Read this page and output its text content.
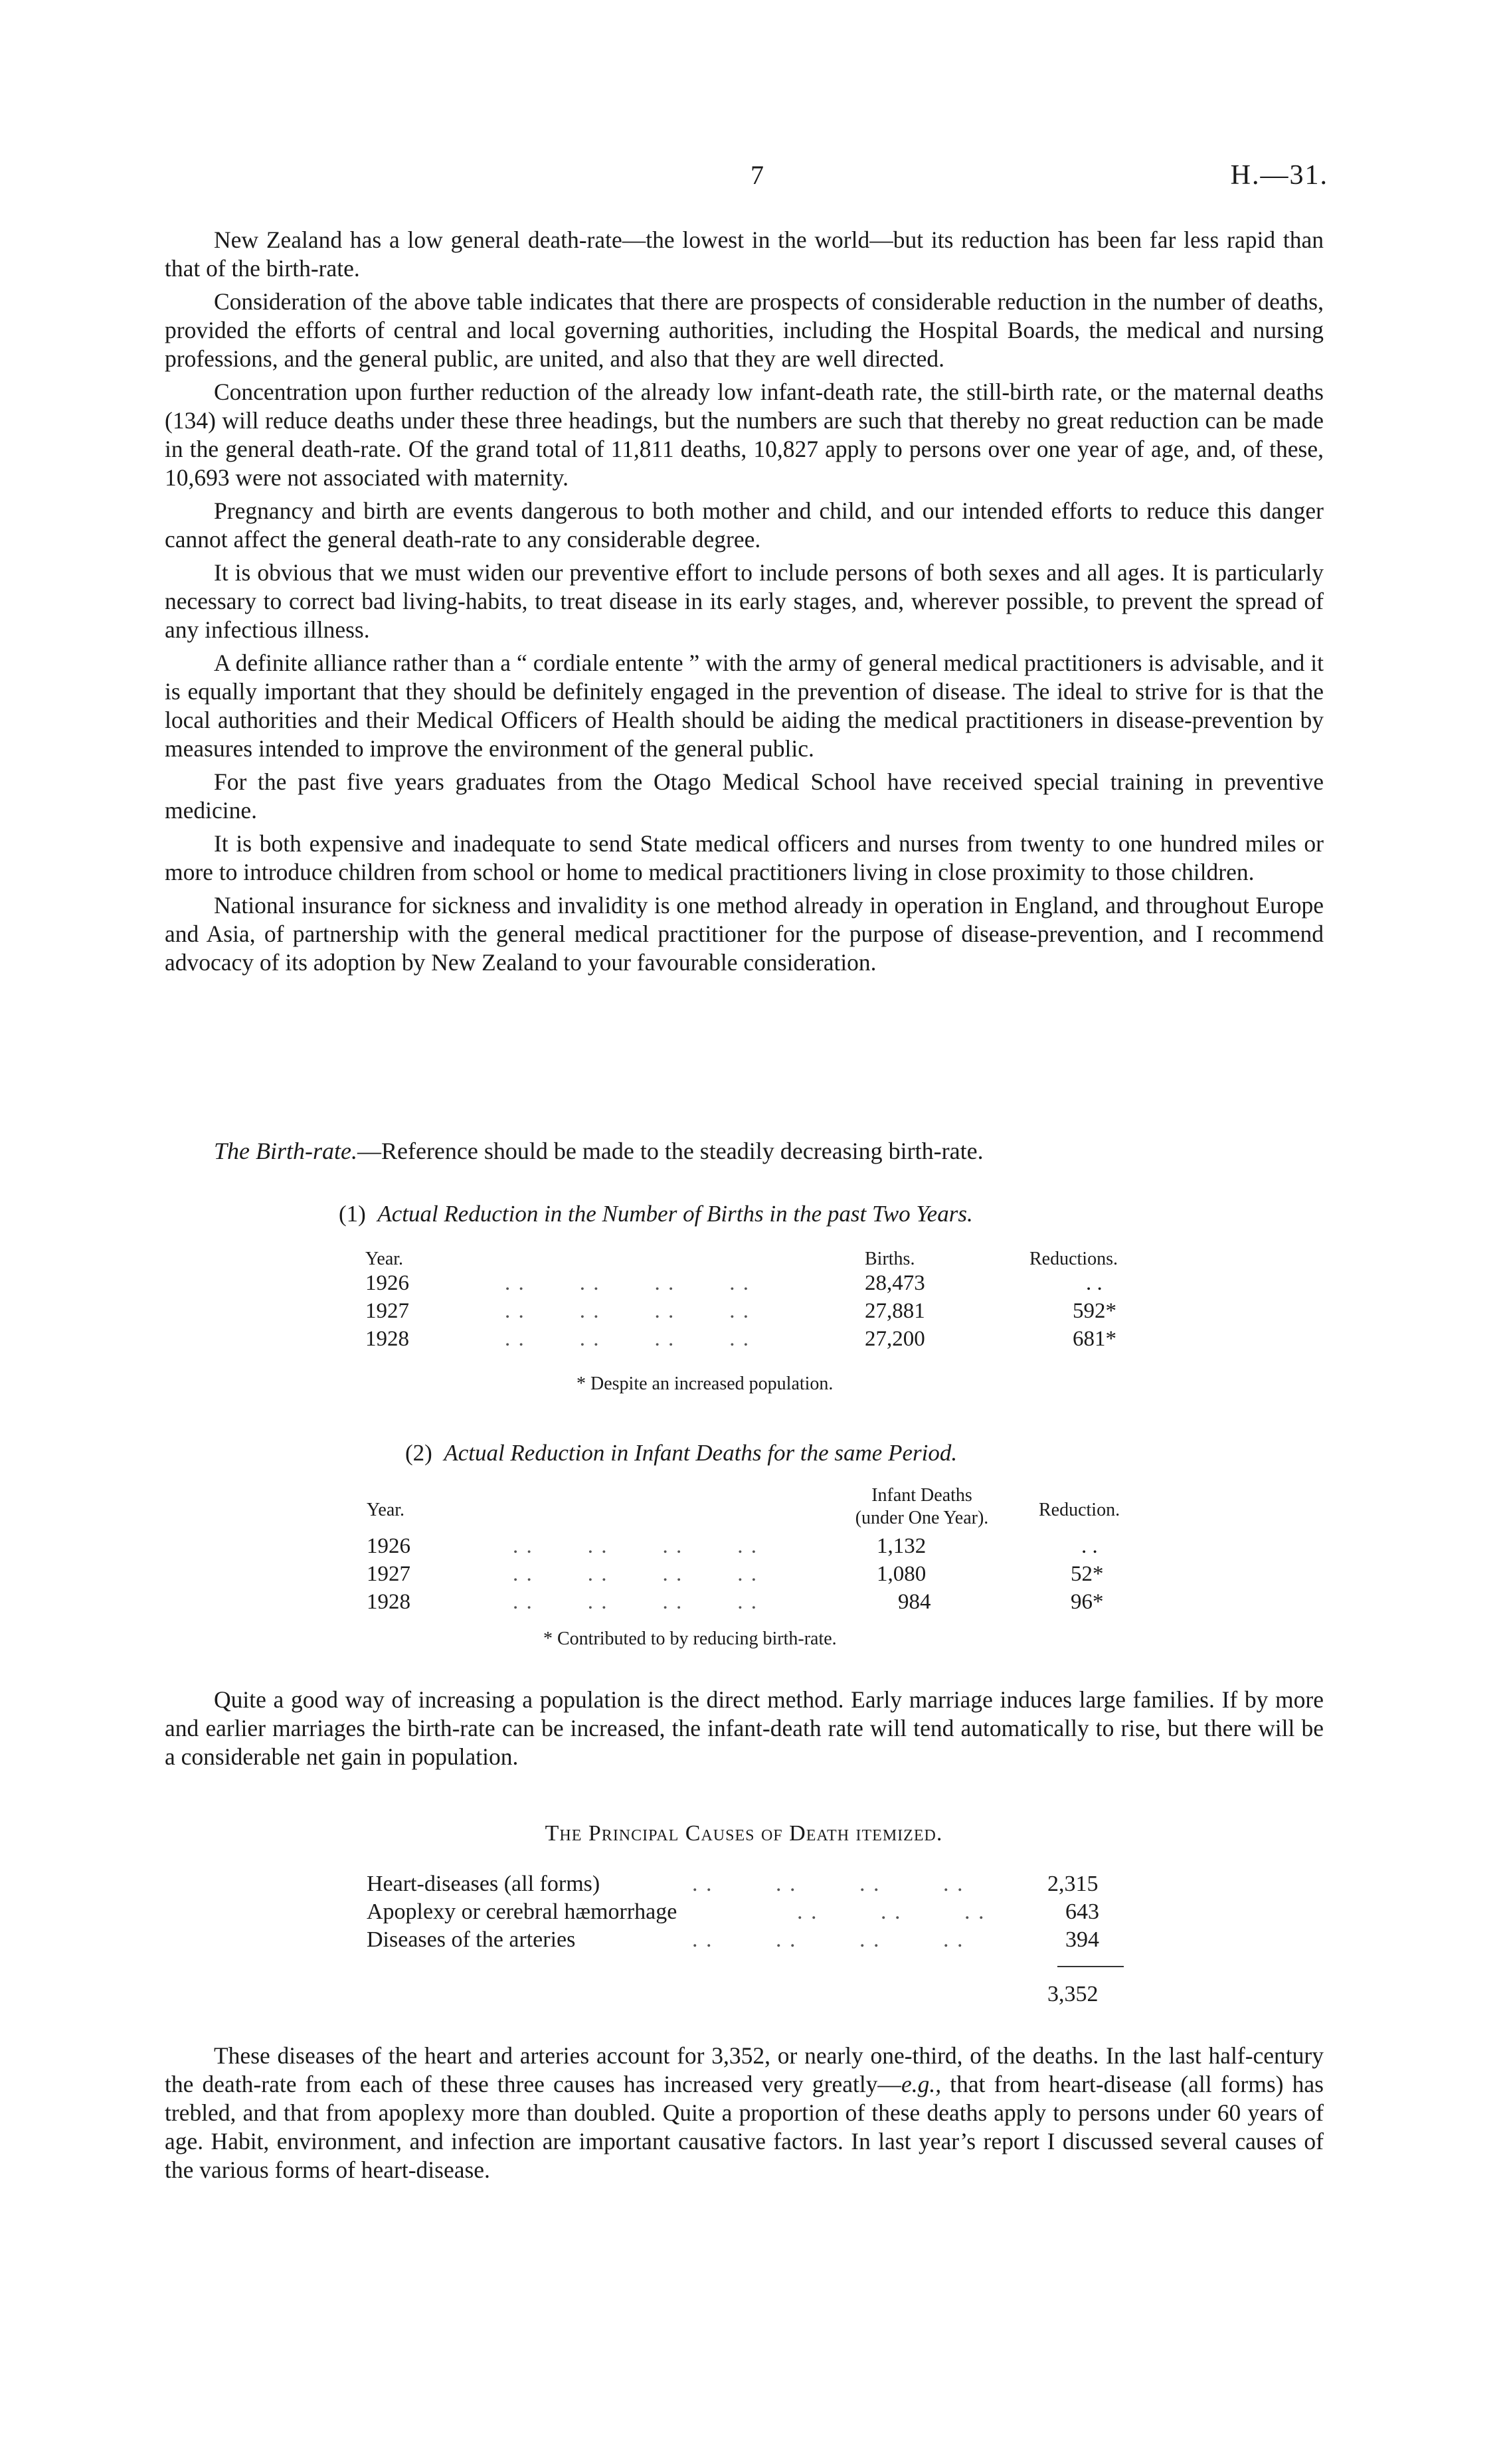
7	H.—31.

New Zealand has a low general death-rate—the lowest in the world—but its reduction has been far less rapid than that of the birth-rate.

Consideration of the above table indicates that there are prospects of considerable reduction in the number of deaths, provided the efforts of central and local governing authorities, including the Hospital Boards, the medical and nursing professions, and the general public, are united, and also that they are well directed.

Concentration upon further reduction of the already low infant-death rate, the still-birth rate, or the maternal deaths (134) will reduce deaths under these three headings, but the numbers are such that thereby no great reduction can be made in the general death-rate. Of the grand total of 11,811 deaths, 10,827 apply to persons over one year of age, and, of these, 10,693 were not associated with maternity.

Pregnancy and birth are events dangerous to both mother and child, and our intended efforts to reduce this danger cannot affect the general death-rate to any considerable degree.

It is obvious that we must widen our preventive effort to include persons of both sexes and all ages. It is particularly necessary to correct bad living-habits, to treat disease in its early stages, and, wherever possible, to prevent the spread of any infectious illness.

A definite alliance rather than a “ cordiale entente ” with the army of general medical practitioners is advisable, and it is equally important that they should be definitely engaged in the prevention of disease. The ideal to strive for is that the local authorities and their Medical Officers of Health should be aiding the medical practitioners in disease-prevention by measures intended to improve the environment of the general public.

For the past five years graduates from the Otago Medical School have received special training in preventive medicine.

It is both expensive and inadequate to send State medical officers and nurses from twenty to one hundred miles or more to introduce children from school or home to medical practitioners living in close proximity to those children.

National insurance for sickness and invalidity is one method already in operation in England, and throughout Europe and Asia, of partnership with the general medical practitioner for the purpose of disease-prevention, and I recommend advocacy of its adoption by New Zealand to your favourable consideration.

The Birth-rate.—Reference should be made to the steadily decreasing birth-rate.
(1) Actual Reduction in the Number of Births in the past Two Years.
Year.	Births.	Reductions.
1926	. .        . .        . .        . .	28,473	. .
1927	. .        . .        . .        . .	27,881	592*
1928	. .        . .        . .        . .	27,200	681*
* Despite an increased population.
(2) Actual Reduction in Infant Deaths for the same Period.
Year.
Infant Deaths
(under One Year).	Reduction.
1926	. .        . .        . .        . .	1,132	. .
1927	. .        . .        . .        . .	1,080	52*
1928	. .        . .        . .        . .	984	96*
* Contributed to by reducing birth-rate.

Quite a good way of increasing a population is the direct method. Early marriage induces large families. If by more and earlier marriages the birth-rate can be increased, the infant-death rate will tend automatically to rise, but there will be a considerable net gain in population.

The Principal Causes of Death itemized.
Heart-diseases (all forms)	. .         . .         . .         . .	2,315
Apoplexy or cerebral hæmorrhage	. .         . .         . .	643
Diseases of the arteries	. .         . .         . .         . .	394
3,352

These diseases of the heart and arteries account for 3,352, or nearly one-third, of the deaths. In the last half-century the death-rate from each of these three causes has increased very greatly—e.g., that from heart-disease (all forms) has trebled, and that from apoplexy more than doubled. Quite a proportion of these deaths apply to persons under 60 years of age. Habit, environment, and infection are important causative factors. In last year’s report I discussed several causes of the various forms of heart-disease.
